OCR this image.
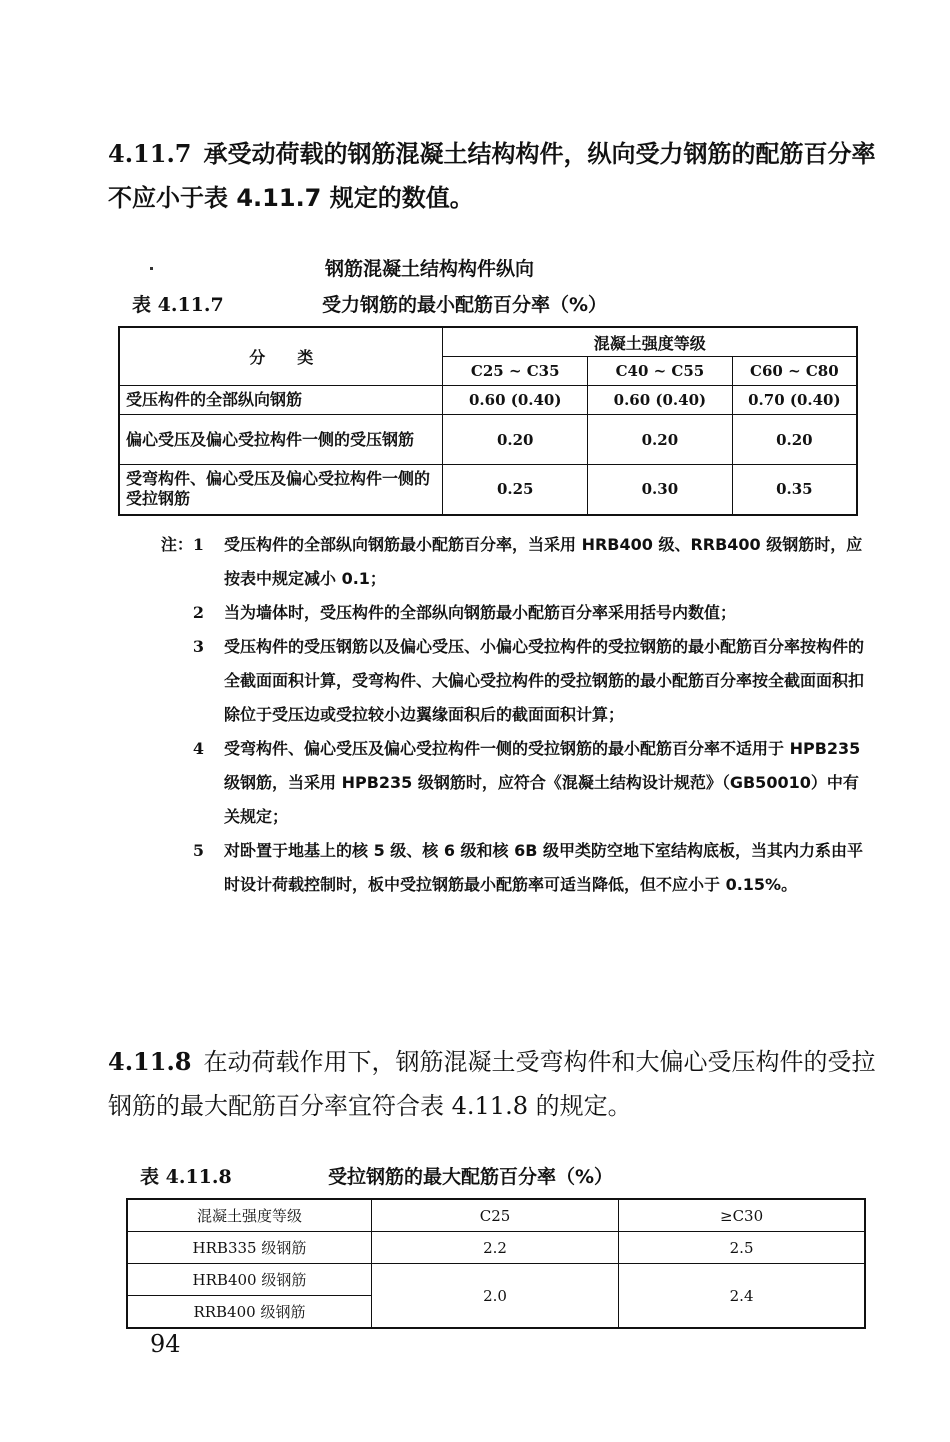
4.11.7 承受动荷载的钢筋混凝土结构构件，纵向受力钢筋的配筋百分率不应小于表 4.11.7 规定的数值。
钢筋混凝土结构构件纵向
表 4.11.7	受力钢筋的最小配筋百分率（%）
分　　类	混凝土强度等级		
	C25 ~ C35	C40 ~ C55	C60 ~ C80
受压构件的全部纵向钢筋	0.60 (0.40)	0.60 (0.40)	0.70 (0.40)
偏心受压及偏心受拉构件一侧的受压钢筋	0.20	0.20	0.20
受弯构件、偏心受压及偏心受拉构件一侧的受拉钢筋	0.25	0.30	0.35
注：1 受压构件的全部纵向钢筋最小配筋百分率，当采用 HRB400 级、RRB400 级钢筋时，应按表中规定减小 0.1；
2 当为墙体时，受压构件的全部纵向钢筋最小配筋百分率采用括号内数值；
3 受压构件的受压钢筋以及偏心受压、小偏心受拉构件的受拉钢筋的最小配筋百分率按构件的全截面面积计算，受弯构件、大偏心受拉构件的受拉钢筋的最小配筋百分率按全截面面积扣除位于受压边或受拉较小边翼缘面积后的截面面积计算；
4 受弯构件、偏心受压及偏心受拉构件一侧的受拉钢筋的最小配筋百分率不适用于 HPB235 级钢筋，当采用 HPB235 级钢筋时，应符合《混凝土结构设计规范》（GB50010）中有关规定；
5 对卧置于地基上的核 5 级、核 6 级和核 6B 级甲类防空地下室结构底板，当其内力系由平时设计荷载控制时，板中受拉钢筋最小配筋率可适当降低，但不应小于 0.15%。
4.11.8 在动荷载作用下，钢筋混凝土受弯构件和大偏心受压构件的受拉钢筋的最大配筋百分率宜符合表 4.11.8 的规定。
表 4.11.8	受拉钢筋的最大配筋百分率（%）
混凝土强度等级	C25	≥C30
HRB335 级钢筋	2.2	2.5
HRB400 级钢筋	2.0	2.4
RRB400 级钢筋		
94
